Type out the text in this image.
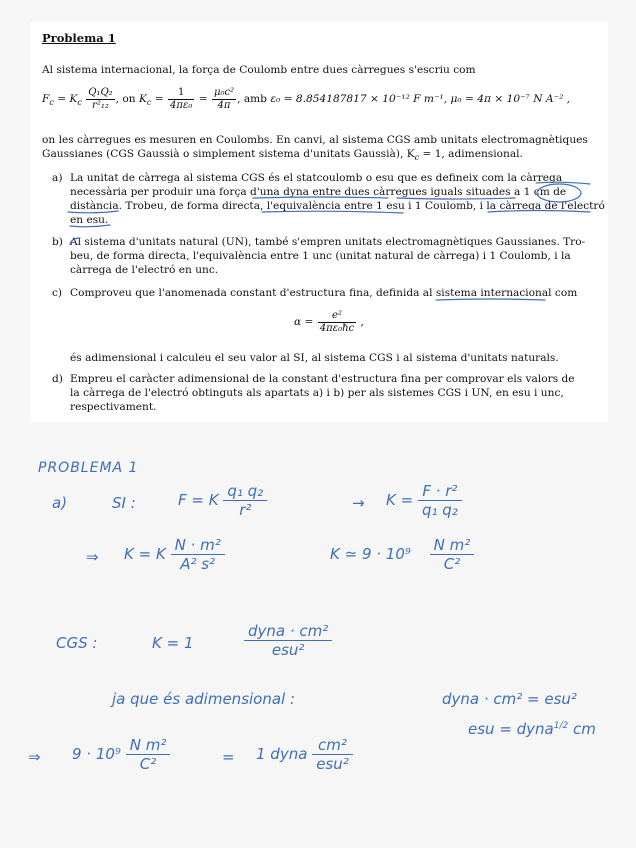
Problema 1
Al sistema internacional, la força de Coulomb entre dues càrregues s'escriu com
$F_c = K_c \frac{\text{Q₁Q₂}}{\text{r²₁₂}}$ , on $K_c = \frac{1}{\text{4πε₀}} = \frac{\text{μ₀c²}}{4\pi}$ , amb ε₀ = 8.854187817 × 10⁻¹² F m⁻¹, μ₀ = 4π × 10⁻⁷ N A⁻² ,
on les càrregues es mesuren en Coulombs. En canvi, al sistema CGS amb unitats electromagnètiques
Gaussianes (CGS Gaussià o simplement sistema d'unitats Gaussià), $K_c = 1$, adimensional.
a) La unitat de càrrega al sistema CGS és el statcoulomb o esu que es defineix com la càrrega
necessària per produir una força d'una dyna entre dues càrregues iguals situades a 1 cm de
distància. Trobeu, de forma directa, l'equivalència entre 1 esu i 1 Coulomb, i la càrrega de l'electró
en esu.
b) Al sistema d'unitats natural (UN), també s'empren unitats electromagnètiques Gaussianes. Tro-
beu, de forma directa, l'equivalència entre 1 unc (unitat natural de càrrega) i 1 Coulomb, i la
càrrega de l'electró en unc.
c) Comproveu que l'anomenada constant d'estructura fina, definida al sistema internacional com
$\alpha = \frac{\text{e²}}{\text{4πε₀ħc}}$ ,
és adimensional i calculeu el seu valor al SI, al sistema CGS i al sistema d'unitats naturals.
d) Empreu el caràcter adimensional de la constant d'estructura fina per comprovar els valors de
la càrrega de l'electró obtinguts als apartats a) i b) per als sistemes CGS i UN, en esu i unc,
respectivament.
PROBLEMA 1
a)	SI :	F = K $\frac{\text{q₁ q₂}}{\text{r²}}$	→ $K = \frac{\text{F · r²}}{\text{q₁ q₂}}$
⇒ K = K $\frac{\text{N · m²}}{\text{A² s²}}$	K ≃ $9 \cdot 10^9 \frac{\text{N m²}}{\text{C²}}$
CGS :	K = 1
dyna · cm²
esu²
ja que és adimensional :	dyna · cm² = esu²
esu = dyna$^{1/2}$ cm
⇒ $9 \cdot 10^9 \frac{\text{N m²}}{\text{C²}}$	= 1 dyna cm²
esu²
